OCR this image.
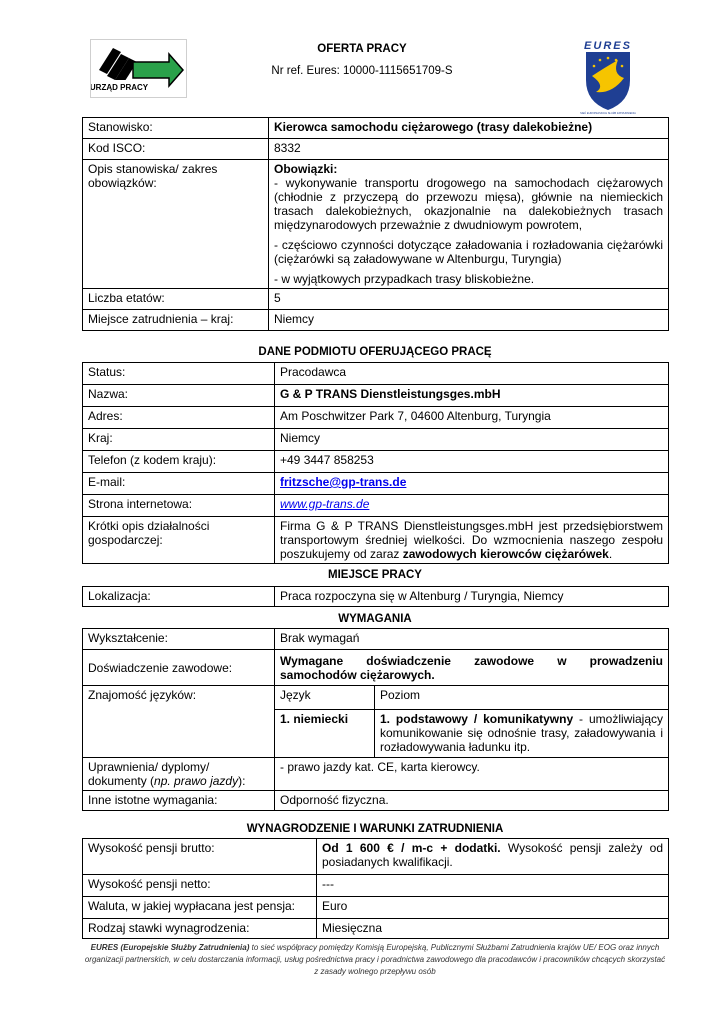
URZĄD PRACY
EURES
SIEĆ EUROPEJSKICH SŁUŻB ZATRUDNIENIA
OFERTA PRACY
Nr ref. Eures: 10000-1115651709-S
Stanowisko:	Kierowca samochodu ciężarowego (trasy dalekobieżne)
Kod ISCO:	8332
Opis stanowiska/ zakres obowiązków:	Obowiązki:
- wykonywanie transportu drogowego na samochodach ciężarowych (chłodnie z przyczepą do przewozu mięsa), głównie na niemieckich trasach dalekobieżnych, okazjonalnie na dalekobieżnych trasach międzynarodowych przeważnie z dwudniowym powrotem,
- częściowo czynności dotyczące załadowania i rozładowania ciężarówki (ciężarówki są załadowywane w Altenburgu, Turyngia)
- w wyjątkowych przypadkach trasy bliskobieżne.

Liczba etatów:	5
Miejsce zatrudnienia – kraj:	Niemcy
DANE PODMIOTU OFERUJĄCEGO PRACĘ
Status:	Pracodawca
Nazwa:	G & P TRANS Dienstleistungsges.mbH
Adres:	Am Poschwitzer Park 7, 04600 Altenburg, Turyngia
Kraj:	Niemcy
Telefon (z kodem kraju):	+49 3447 858253
E-mail:	fritzsche@gp-trans.de
Strona internetowa:	www.gp-trans.de
Krótki opis działalności gospodarczej:	Firma G & P TRANS Dienstleistungsges.mbH jest przedsiębiorstwem transportowym średniej wielkości. Do wzmocnienia naszego zespołu poszukujemy od zaraz zawodowych kierowców ciężarówek.
MIEJSCE PRACY
Lokalizacja:	Praca rozpoczyna się w Altenburg / Turyngia, Niemcy
WYMAGANIA
Wykształcenie:	Brak wymagań	
Doświadczenie zawodowe:	Wymagane doświadczenie zawodowe w prowadzeniu samochodów ciężarowych.	
Znajomość języków:	Język	Poziom
	1. niemiecki	1. podstawowy / komunikatywny - umożliwiający komunikowanie się odnośnie trasy, załadowywania i rozładowywania ładunku itp.
Uprawnienia/ dyplomy/ dokumenty (np. prawo jazdy):	- prawo jazdy kat. CE, karta kierowcy.	
Inne istotne wymagania:	Odporność fizyczna.	
WYNAGRODZENIE I WARUNKI ZATRUDNIENIA
Wysokość pensji brutto:	Od 1 600 € / m-c + dodatki. Wysokość pensji zależy od posiadanych kwalifikacji.
Wysokość pensji netto:	---
Waluta, w jakiej wypłacana jest pensja:	Euro
Rodzaj stawki wynagrodzenia:	Miesięczna
EURES (Europejskie Służby Zatrudnienia) to sieć współpracy pomiędzy Komisją Europejską, Publicznymi Służbami Zatrudnienia krajów UE/ EOG oraz innych organizacji partnerskich, w celu dostarczania informacji, usług pośrednictwa pracy i poradnictwa zawodowego dla pracodawców i pracowników chcących skorzystać z zasady wolnego przepływu osób
